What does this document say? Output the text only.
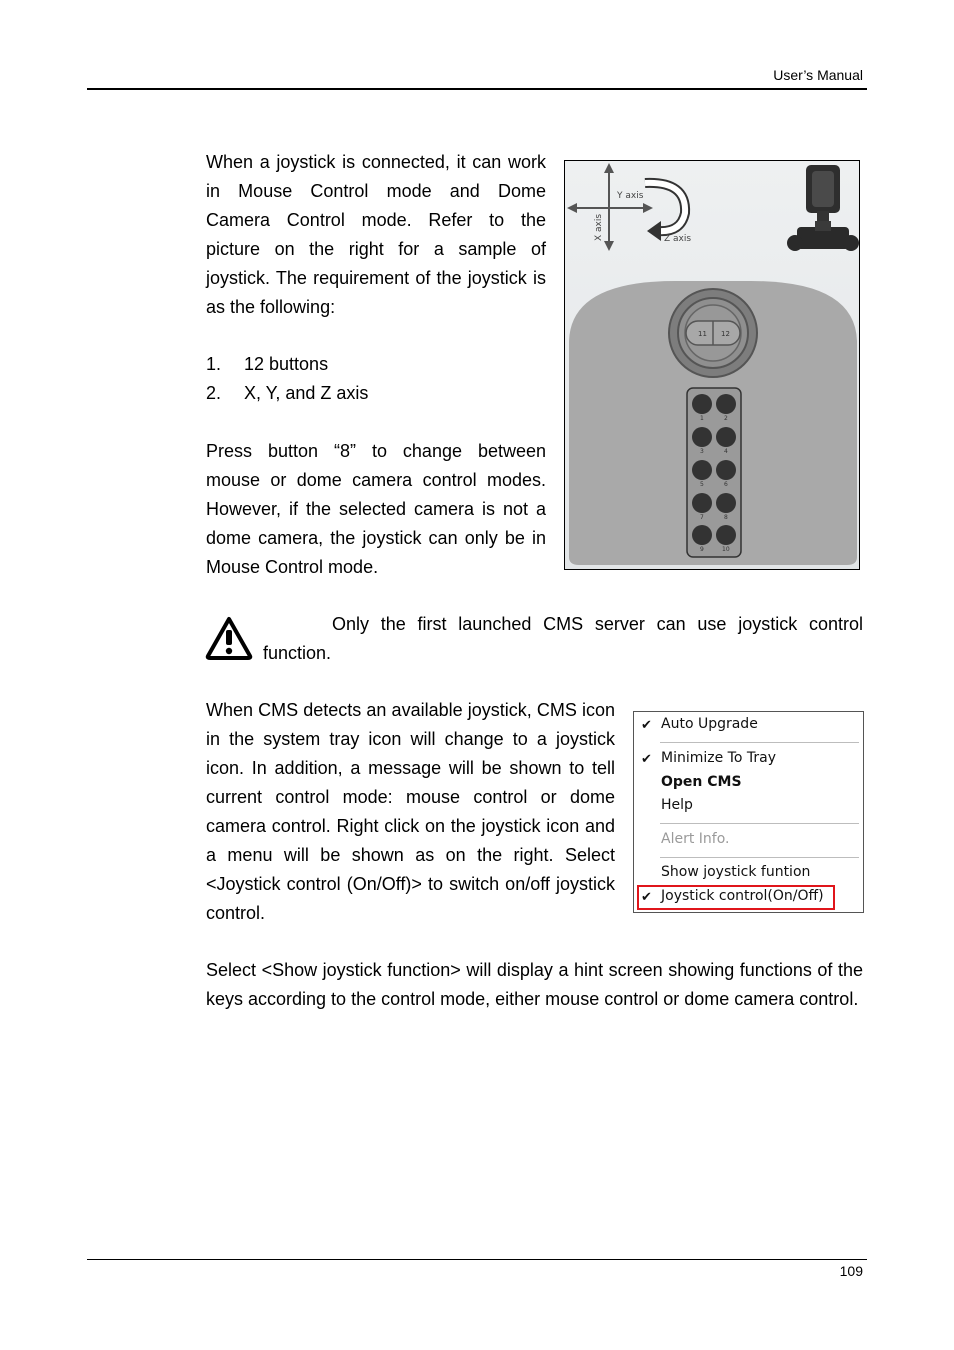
User’s Manual

When a joystick is connected, it can work in Mouse Control mode and Dome Camera Control mode. Refer to the picture on the right for a sample of joystick. The requirement of the joystick is as the following:

1. 12 buttons
2. X, Y, and Z axis

Press button “8” to change between mouse or dome camera control modes. However, if the selected camera is not a dome camera, the joystick can only be in Mouse Control mode.

Y axis
Z axis
X axis
11 12
1	2
3	4
5	6
7	8
9	10

Only the first launched CMS server can use joystick control function.

When CMS detects an available joystick, CMS icon in the system tray icon will change to a joystick icon. In addition, a message will be shown to tell current control mode: mouse control or dome camera control. Right click on the joystick icon and a menu will be shown as on the right. Select <Joystick control (On/Off)> to switch on/off joystick control.

✔ Auto Upgrade
✔ Minimize To Tray
Open CMS
Help
Alert Info.
Show joystick funtion
✔ Joystick control(On/Off)

Select <Show joystick function> will display a hint screen showing functions of the keys according to the control mode, either mouse control or dome camera control.

109
